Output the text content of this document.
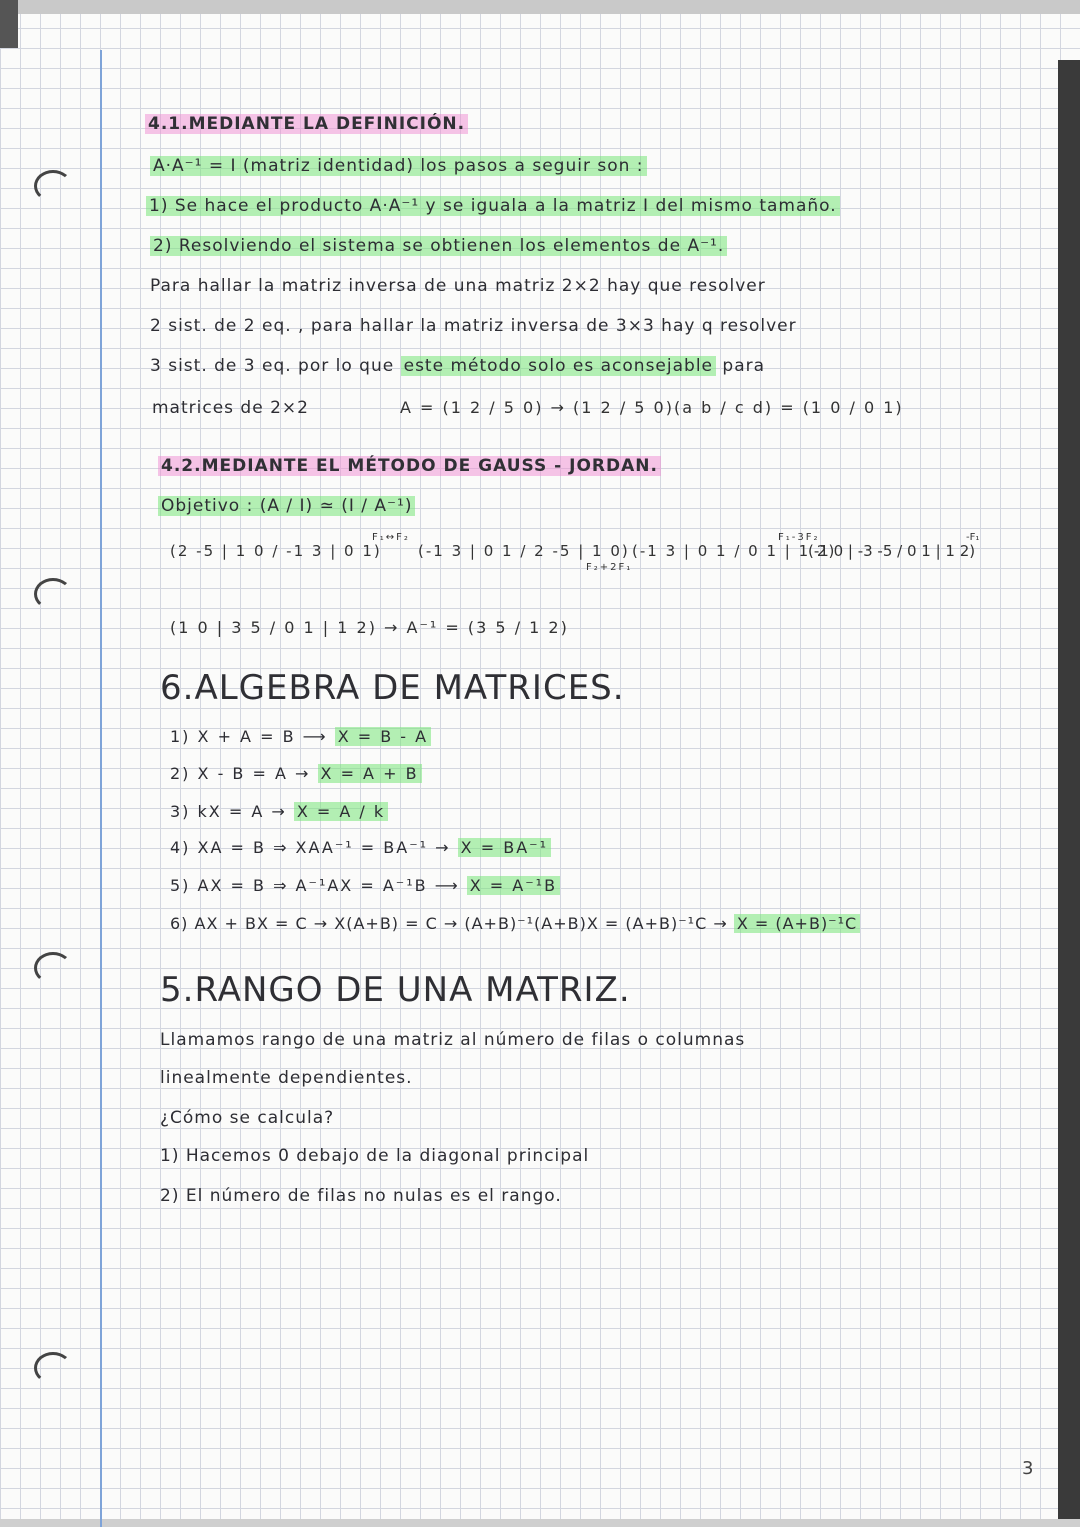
4.1.MEDIANTE LA DEFINICIÓN.
A·A⁻¹ = I (matriz identidad) los pasos a seguir son :
1) Se hace el producto A·A⁻¹ y se iguala a la matriz I del mismo tamaño.
2) Resolviendo el sistema se obtienen los elementos de A⁻¹.
Para hallar la matriz inversa de una matriz 2×2 hay que resolver
2 sist. de 2 eq. , para hallar la matriz inversa de 3×3 hay q resolver
3 sist. de 3 eq. por lo que este método solo es aconsejable para
matrices de 2×2	A = (1 2 / 5 0) → (1 2 / 5 0)(a b / c d) = (1 0 / 0 1)
4.2.MEDIANTE EL MÉTODO DE GAUSS - JORDAN.
Objetivo : (A / I) ≃ (I / A⁻¹)
(2 -5 | 1 0 / -1 3 | 0 1)
F₁↔F₂
(-1 3 | 0 1 / 2 -5 | 1 0)
F₂+2F₁
(-1 3 | 0 1 / 0 1 | 1 2)
F₁-3F₂
(-1 0 | -3 -5 / 0 1 | 1 2)
-F₁
(1 0 | 3 5 / 0 1 | 1 2) → A⁻¹ = (3 5 / 1 2)
6.ALGEBRA DE MATRICES.
1) X + A = B ⟶ X = B - A
2) X - B = A → X = A + B
3) kX = A → X = A / k
4) XA = B ⇒ XAA⁻¹ = BA⁻¹ → X = BA⁻¹
5) AX = B ⇒ A⁻¹AX = A⁻¹B ⟶ X = A⁻¹B
6) AX + BX = C → X(A+B) = C → (A+B)⁻¹(A+B)X = (A+B)⁻¹C → X = (A+B)⁻¹C
5.RANGO DE UNA MATRIZ.
Llamamos rango de una matriz al número de filas o columnas
linealmente dependientes.
¿Cómo se calcula?
1) Hacemos 0 debajo de la diagonal principal
2) El número de filas no nulas es el rango.
3
